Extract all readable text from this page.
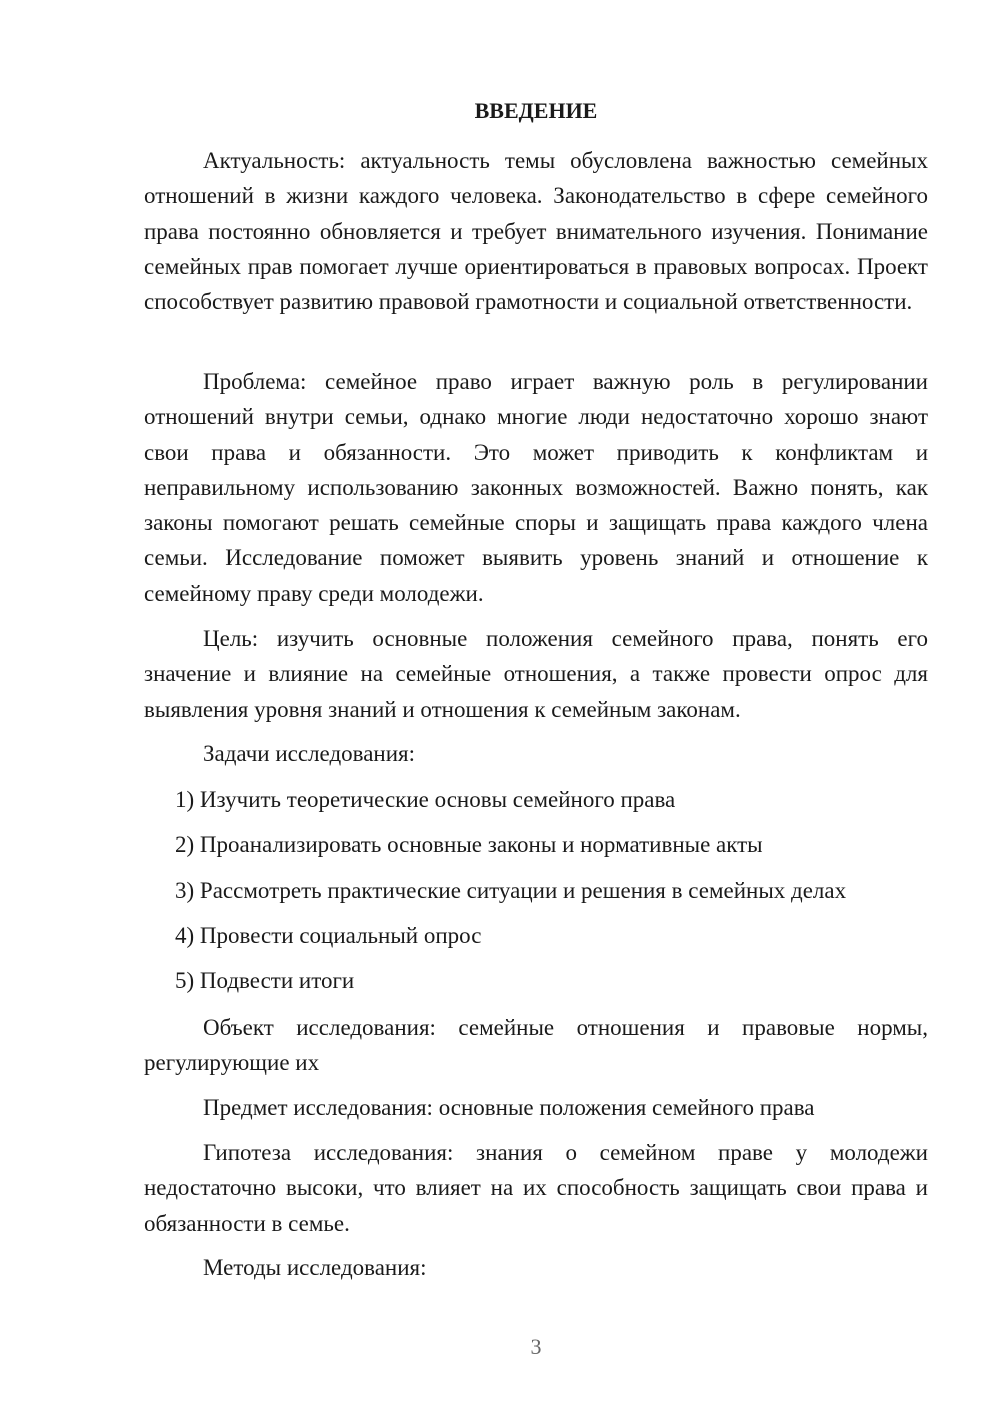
ВВЕДЕНИЕ

Актуальность: актуальность темы обусловлена важностью семейных отношений в жизни каждого человека. Законодательство в сфере семейного права постоянно обновляется и требует внимательного изучения. Понимание семейных прав помогает лучше ориентироваться в правовых вопросах. Проект способствует развитию правовой грамотности и социальной ответственности.

Проблема: семейное право играет важную роль в регулировании отношений внутри семьи, однако многие люди недостаточно хорошо знают свои права и обязанности. Это может приводить к конфликтам и неправильному использованию законных возможностей. Важно понять, как законы помогают решать семейные споры и защищать права каждого члена семьи. Исследование поможет выявить уровень знаний и отношение к семейному праву среди молодежи.

Цель: изучить основные положения семейного права, понять его значение и влияние на семейные отношения, а также провести опрос для выявления уровня знаний и отношения к семейным законам.

Задачи исследования:
1) Изучить теоретические основы семейного права
2) Проанализировать основные законы и нормативные акты
3) Рассмотреть практические ситуации и решения в семейных делах
4) Провести социальный опрос
5) Подвести итоги

Объект исследования: семейные отношения и правовые нормы, регулирующие их

Предмет исследования: основные положения семейного права

Гипотеза исследования: знания о семейном праве у молодежи недостаточно высоки, что влияет на их способность защищать свои права и обязанности в семье.

Методы исследования:
3
